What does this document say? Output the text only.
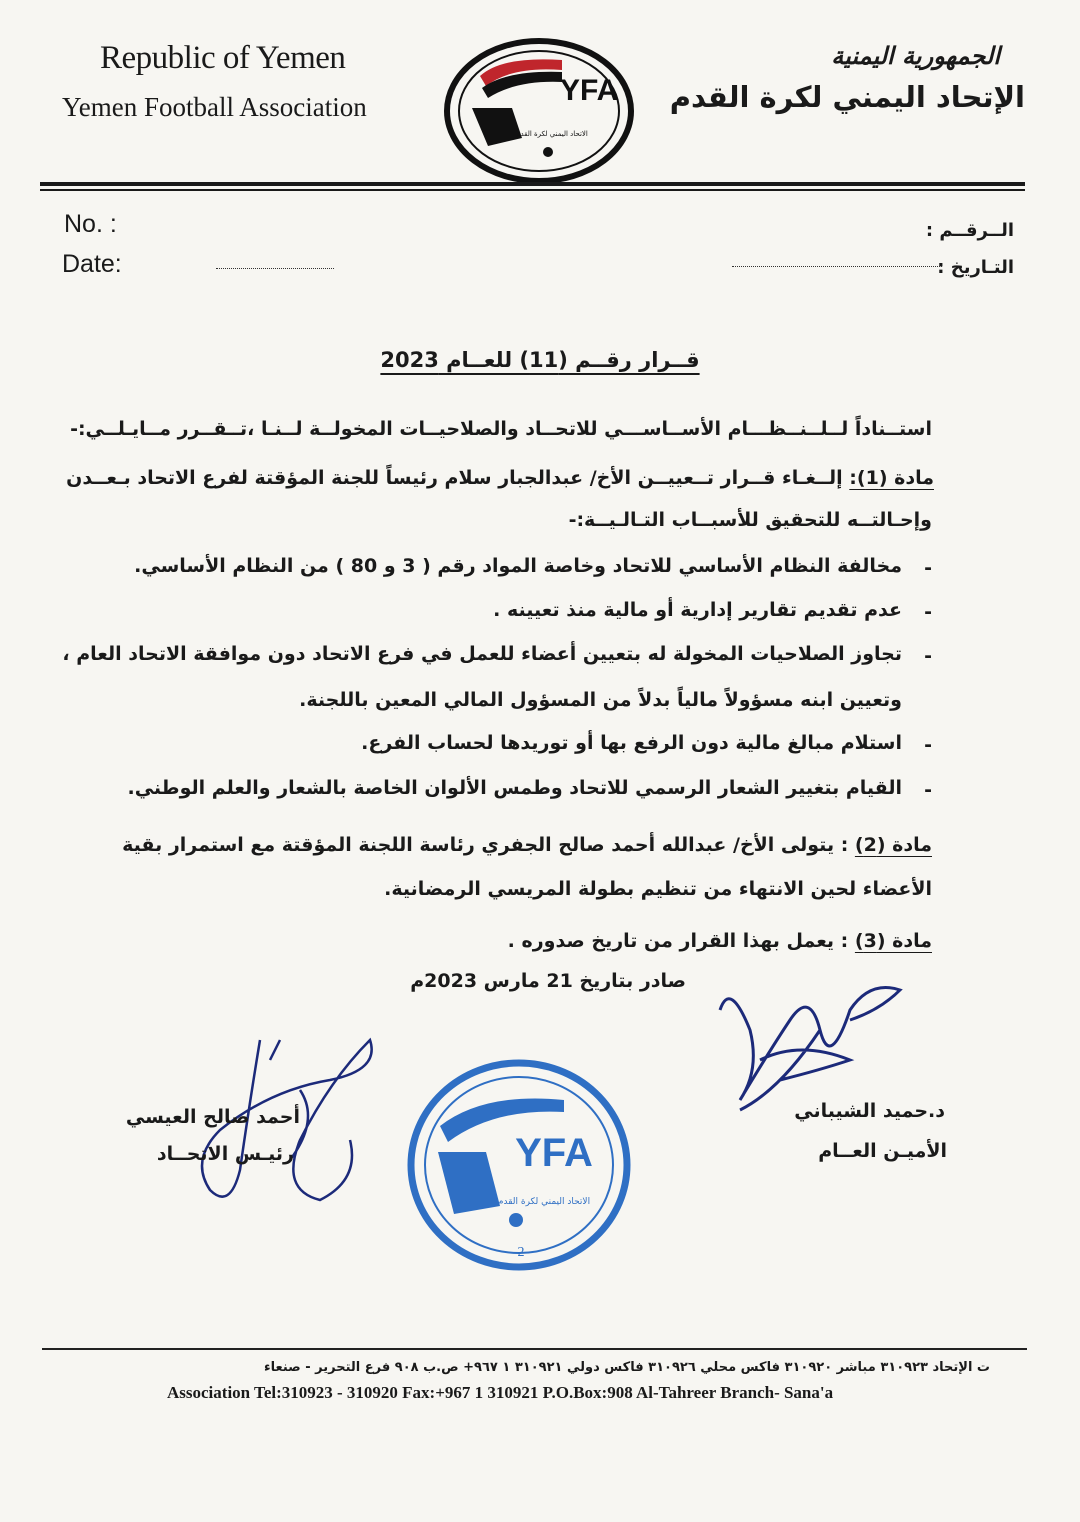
Republic of Yemen
Yemen Football Association
الجمهورية اليمنية
الإتحاد اليمني لكرة القدم
YFA
الاتحاد اليمني لكرة القدم
No. :
Date:
الــرقــم :
التـاريخ :
قــرار رقــم (11) للعــام 2023
استــناداً لــلــنــظـــام الأســاســـي للاتحــاد والصلاحيــات المخولــة لــنـا ،تــقــرر مــايـلــي:-
مادة (1): إلــغـاء قــرار تــعييــن الأخ/ عبدالجبار سلام رئيساً للجنة المؤقتة لفرع الاتحاد بـعــدن
وإحـالتــه للتحقيق للأسبــاب التـالـيــة:-
-
مخالفة النظام الأساسي للاتحاد وخاصة المواد رقم ( 3 و 80 ) من النظام الأساسي.
-
عدم تقديم تقارير إدارية أو مالية منذ تعيينه .
-
تجاوز الصلاحيات المخولة له بتعيين أعضاء للعمل في فرع الاتحاد دون موافقة الاتحاد العام ،
وتعيين ابنه مسؤولاً مالياً بدلاً من المسؤول المالي المعين باللجنة.
-
استلام مبالغ مالية دون الرفع بها أو توريدها لحساب الفرع.
-
القيام بتغيير الشعار الرسمي للاتحاد وطمس الألوان الخاصة بالشعار والعلم الوطني.
مادة (2) : يتولى الأخ/ عبدالله أحمد صالح الجفري رئاسة اللجنة المؤقتة مع استمرار بقية
الأعضاء لحين الانتهاء من تنظيم بطولة المريسي الرمضانية.
مادة (3) : يعمل بهذا القرار من تاريخ صدوره .
صادر بتاريخ 21 مارس 2023م
د.حميد الشيباني
الأميـن العــام
أحمد صالح العيسي
رئيـس الاتحــاد	YFA
الاتحاد اليمني لكرة القدم
2
ت الإتحاد ٣١٠٩٢٣ مباشر ٣١٠٩٢٠ فاكس محلي ٣١٠٩٢٦ فاكس دولي ٣١٠٩٢١ ١ ٩٦٧+ ص.ب ٩٠٨ فرع التحرير - صنعاء
Association Tel:310923 - 310920 Fax:+967 1 310921 P.O.Box:908 Al-Tahreer Branch- Sana'a
